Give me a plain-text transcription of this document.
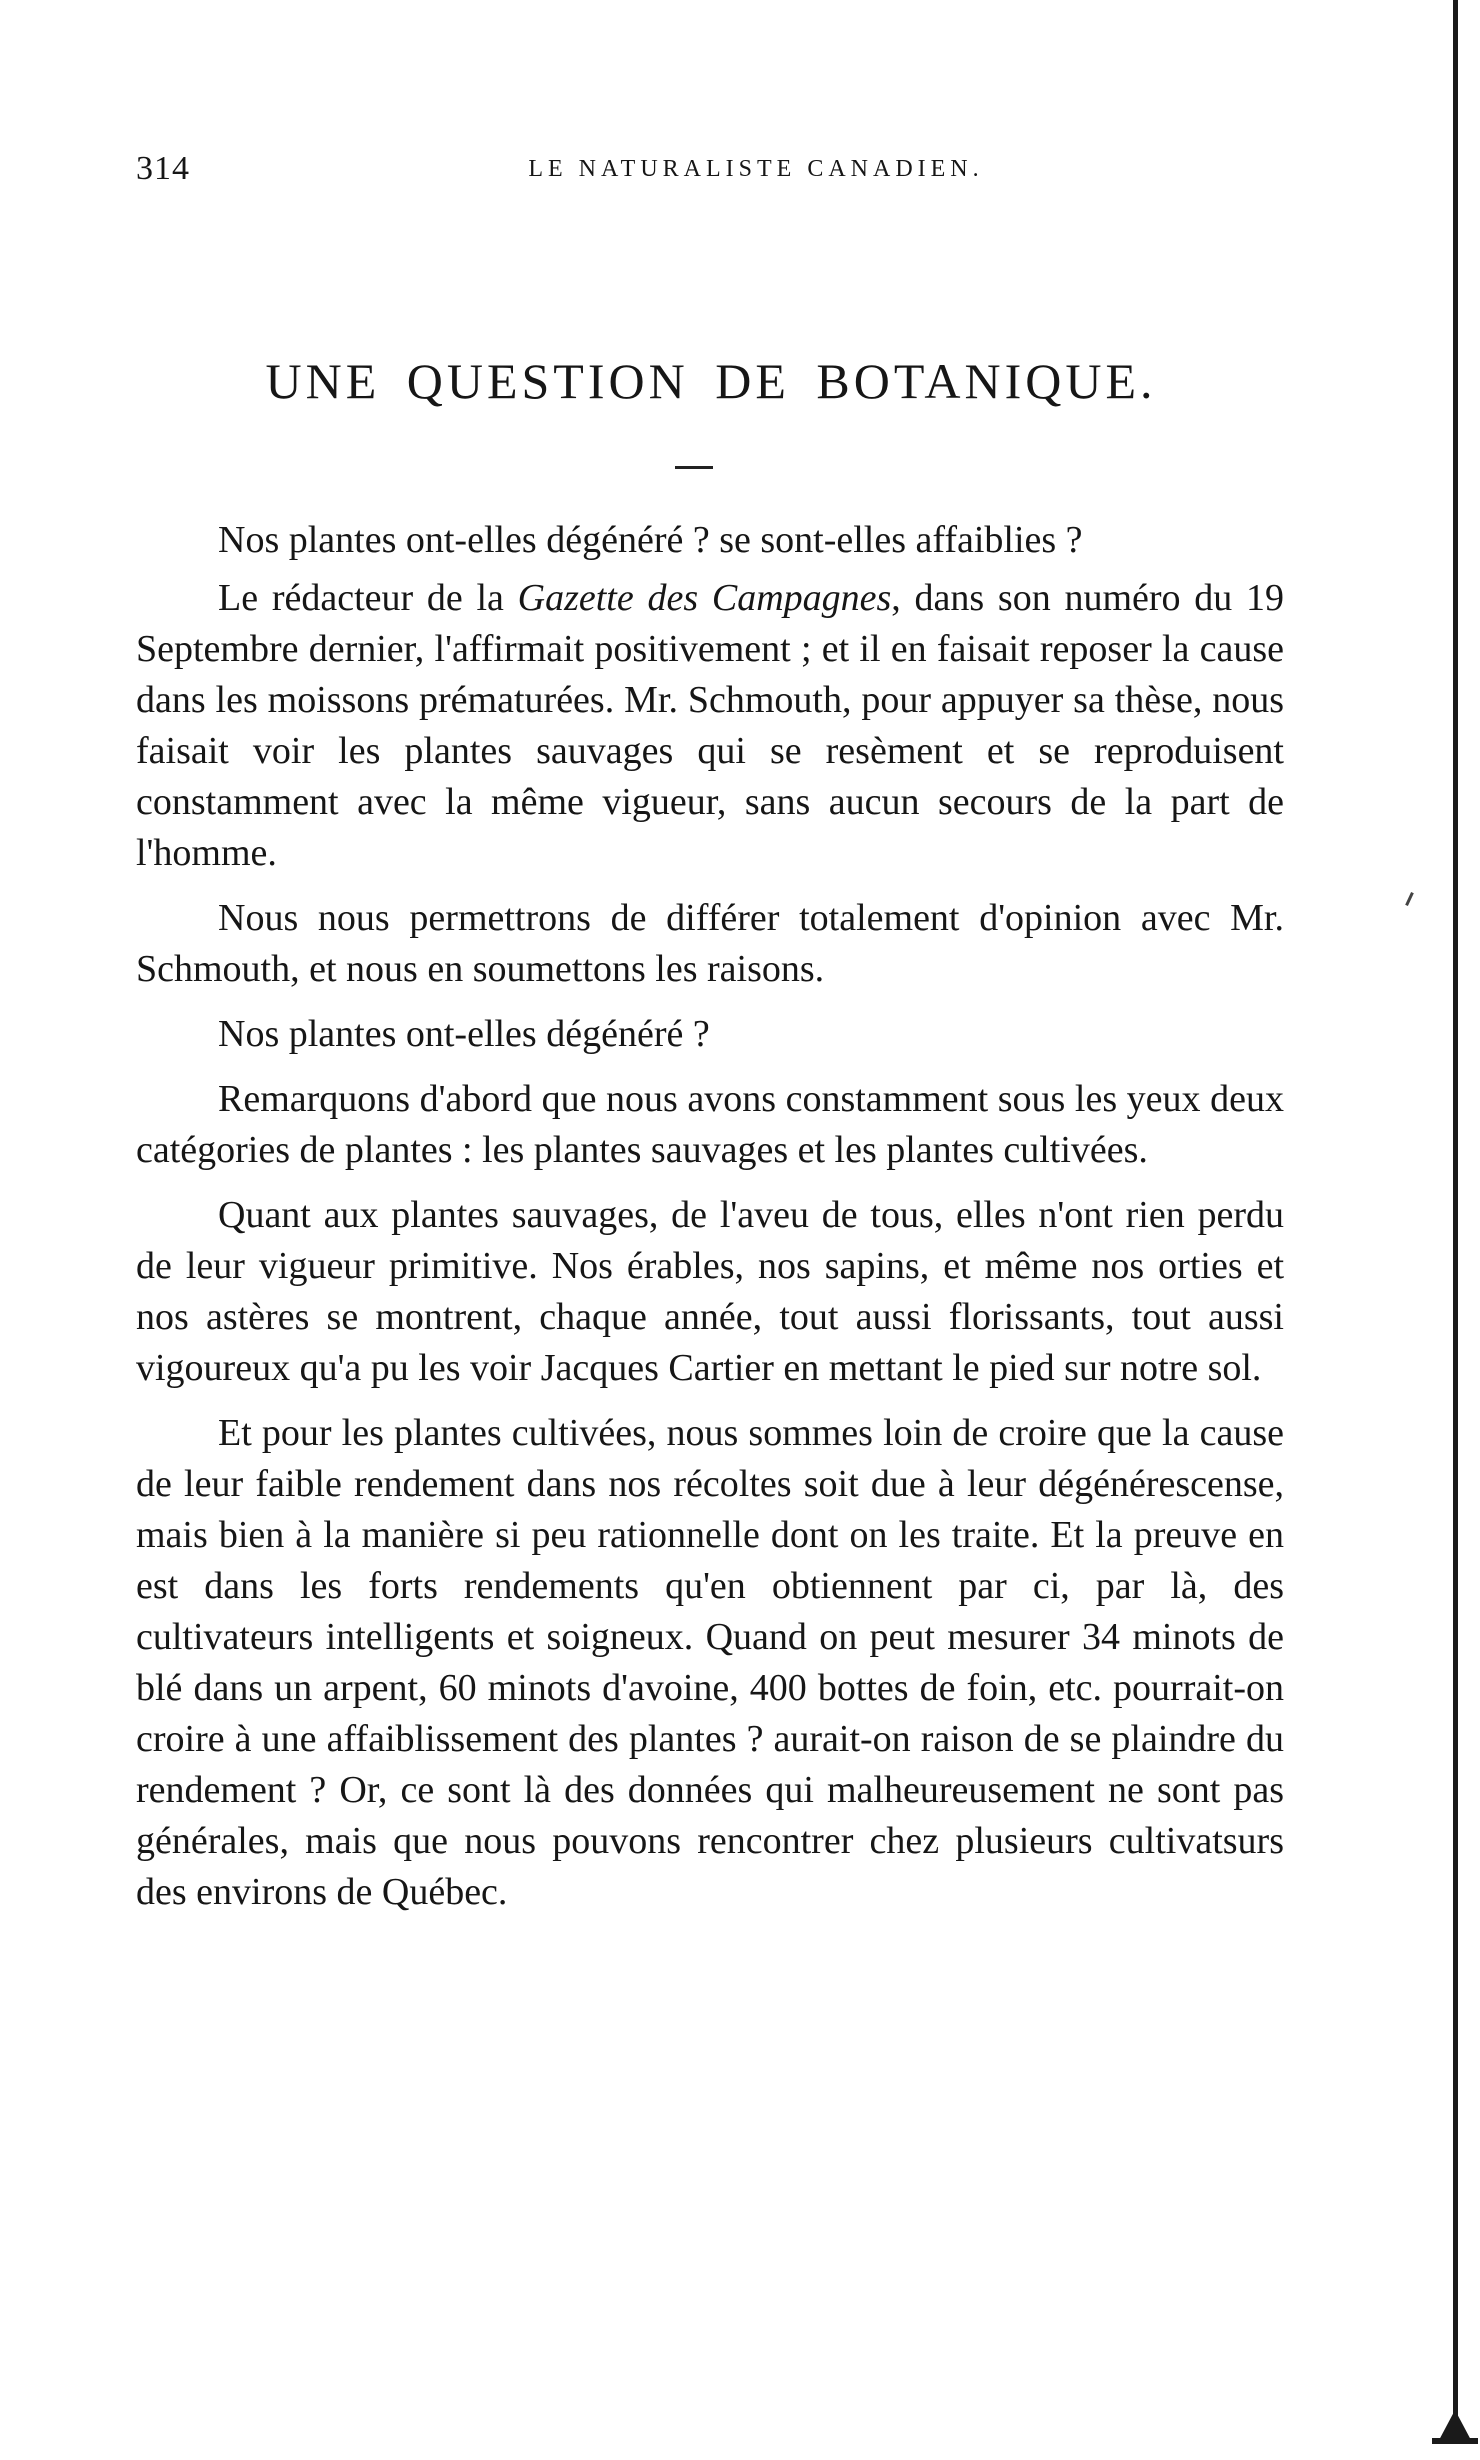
314	LE NATURALISTE CANADIEN.
UNE QUESTION DE BOTANIQUE.

Nos plantes ont-elles dégénéré ? se sont-elles affaiblies ?

Le rédacteur de la Gazette des Campagnes, dans son numéro du 19 Septembre dernier, l'affirmait positivement ; et il en faisait reposer la cause dans les moissons prématurées. Mr. Schmouth, pour appuyer sa thèse, nous faisait voir les plantes sauvages qui se resèment et se reproduisent constamment avec la même vigueur, sans aucun secours de la part de l'homme.

Nous nous permettrons de différer totalement d'opinion avec Mr. Schmouth, et nous en soumettons les raisons.

Nos plantes ont-elles dégénéré ?

Remarquons d'abord que nous avons constamment sous les yeux deux catégories de plantes : les plantes sauvages et les plantes cultivées.

Quant aux plantes sauvages, de l'aveu de tous, elles n'ont rien perdu de leur vigueur primitive. Nos érables, nos sapins, et même nos orties et nos astères se montrent, chaque année, tout aussi florissants, tout aussi vigoureux qu'a pu les voir Jacques Cartier en mettant le pied sur notre sol.

Et pour les plantes cultivées, nous sommes loin de croire que la cause de leur faible rendement dans nos récoltes soit due à leur dégénérescense, mais bien à la manière si peu rationnelle dont on les traite. Et la preuve en est dans les forts rendements qu'en obtiennent par ci, par là, des cultivateurs intelligents et soigneux. Quand on peut mesurer 34 minots de blé dans un arpent, 60 minots d'avoine, 400 bottes de foin, etc. pourrait-on croire à une affaiblissement des plantes ? aurait-on raison de se plaindre du rendement ? Or, ce sont là des données qui malheureusement ne sont pas générales, mais que nous pouvons rencontrer chez plusieurs cultivatsurs des environs de Québec.
